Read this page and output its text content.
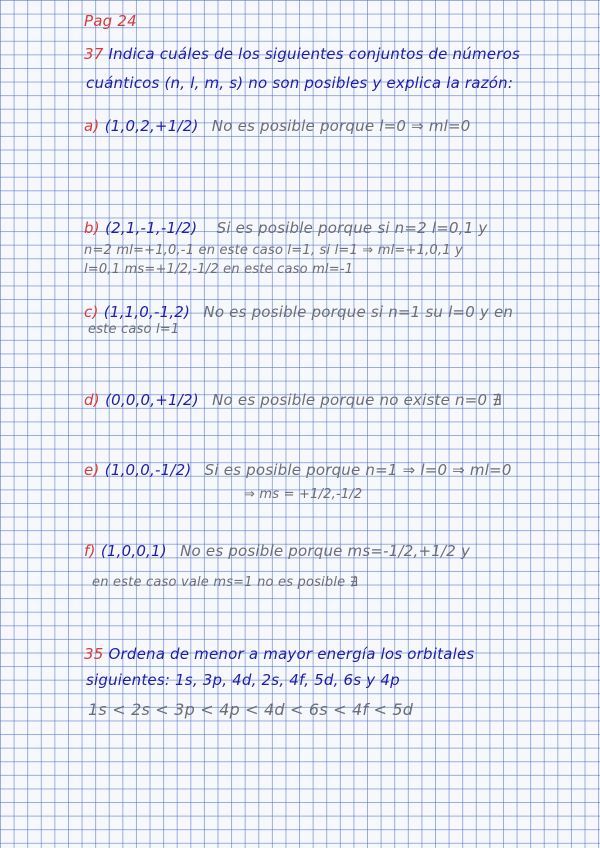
Pag 24
37 Indica cuáles de los siguientes conjuntos de números
cuánticos (n, l, m, s) no son posibles y explica la razón:
a) (1,0,2,+1/2) No es posible porque l=0 ⇒ ml=0
b) (2,1,-1,-1/2) Si es posible porque si n=2 l=0,1 y
n=2 ml=+1,0,-1 en este caso l=1, si l=1 ⇒ ml=+1,0,1 y
l=0,1 ms=+1/2,-1/2 en este caso ml=-1
c) (1,1,0,-1,2) No es posible porque si n=1 su l=0 y en
este caso l=1
d) (0,0,0,+1/2) No es posible porque no existe n=0 ∄
e) (1,0,0,-1/2) Si es posible porque n=1 ⇒ l=0 ⇒ ml=0
⇒ ms = +1/2,-1/2
f) (1,0,0,1) No es posible porque ms=-1/2,+1/2 y
en este caso vale ms=1 no es posible ∄
35 Ordena de menor a mayor energía los orbitales
siguientes: 1s, 3p, 4d, 2s, 4f, 5d, 6s y 4p
1s < 2s < 3p < 4p < 4d < 6s < 4f < 5d
